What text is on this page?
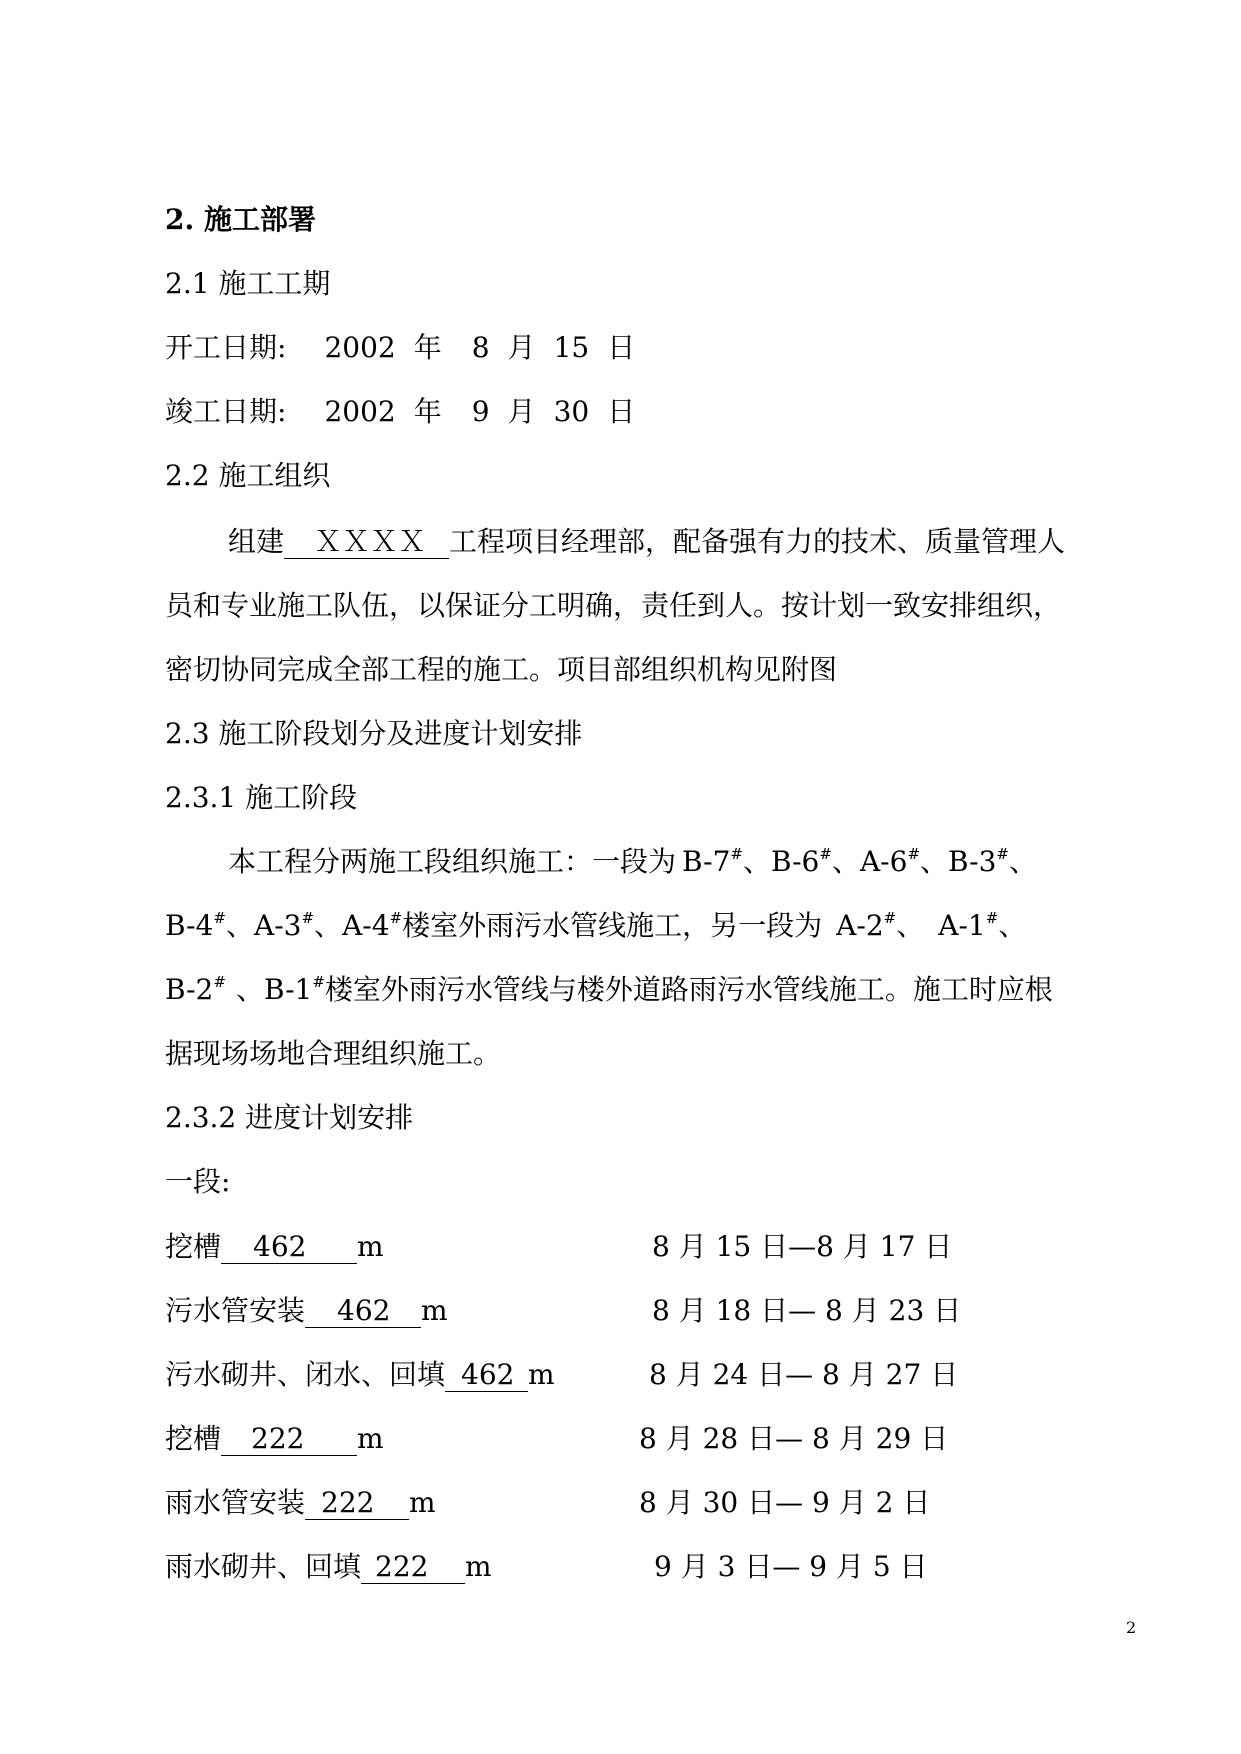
2. 施工部署
2.1 施工工期
开工日期: 2002 年 8 月 15 日
竣工日期: 2002 年 9 月 30 日
2.2 施工组织
组建 ＸＸＸＸ 工程项目经理部，配备强有力的技术、质量管理人
员和专业施工队伍，以保证分工明确，责任到人。按计划一致安排组织，
密切协同完成全部工程的施工。项目部组织机构见附图
2.3 施工阶段划分及进度计划安排
2.3.1 施工阶段
本工程分两施工段组织施工：一段为 B-7#、B-6#、A-6#、B-3#、
B-4#、A-3#、A-4#楼室外雨污水管线施工，另一段为 A-2#、 A-1#、
B-2# 、B-1#楼室外雨污水管线与楼外道路雨污水管线施工。施工时应根
据现场场地合理组织施工。
2.3.2 进度计划安排
一段:
挖槽 462 m	8 月 15 日—8 月 17 日
污水管安装 462 m	8 月 18 日— 8 月 23 日
污水砌井、闭水、回填 462 m	8 月 24 日— 8 月 27 日
挖槽 222 m	8 月 28 日— 8 月 29 日
雨水管安装 222 m	8 月 30 日— 9 月 2 日
雨水砌井、回填 222 m	9 月 3 日— 9 月 5 日
2
